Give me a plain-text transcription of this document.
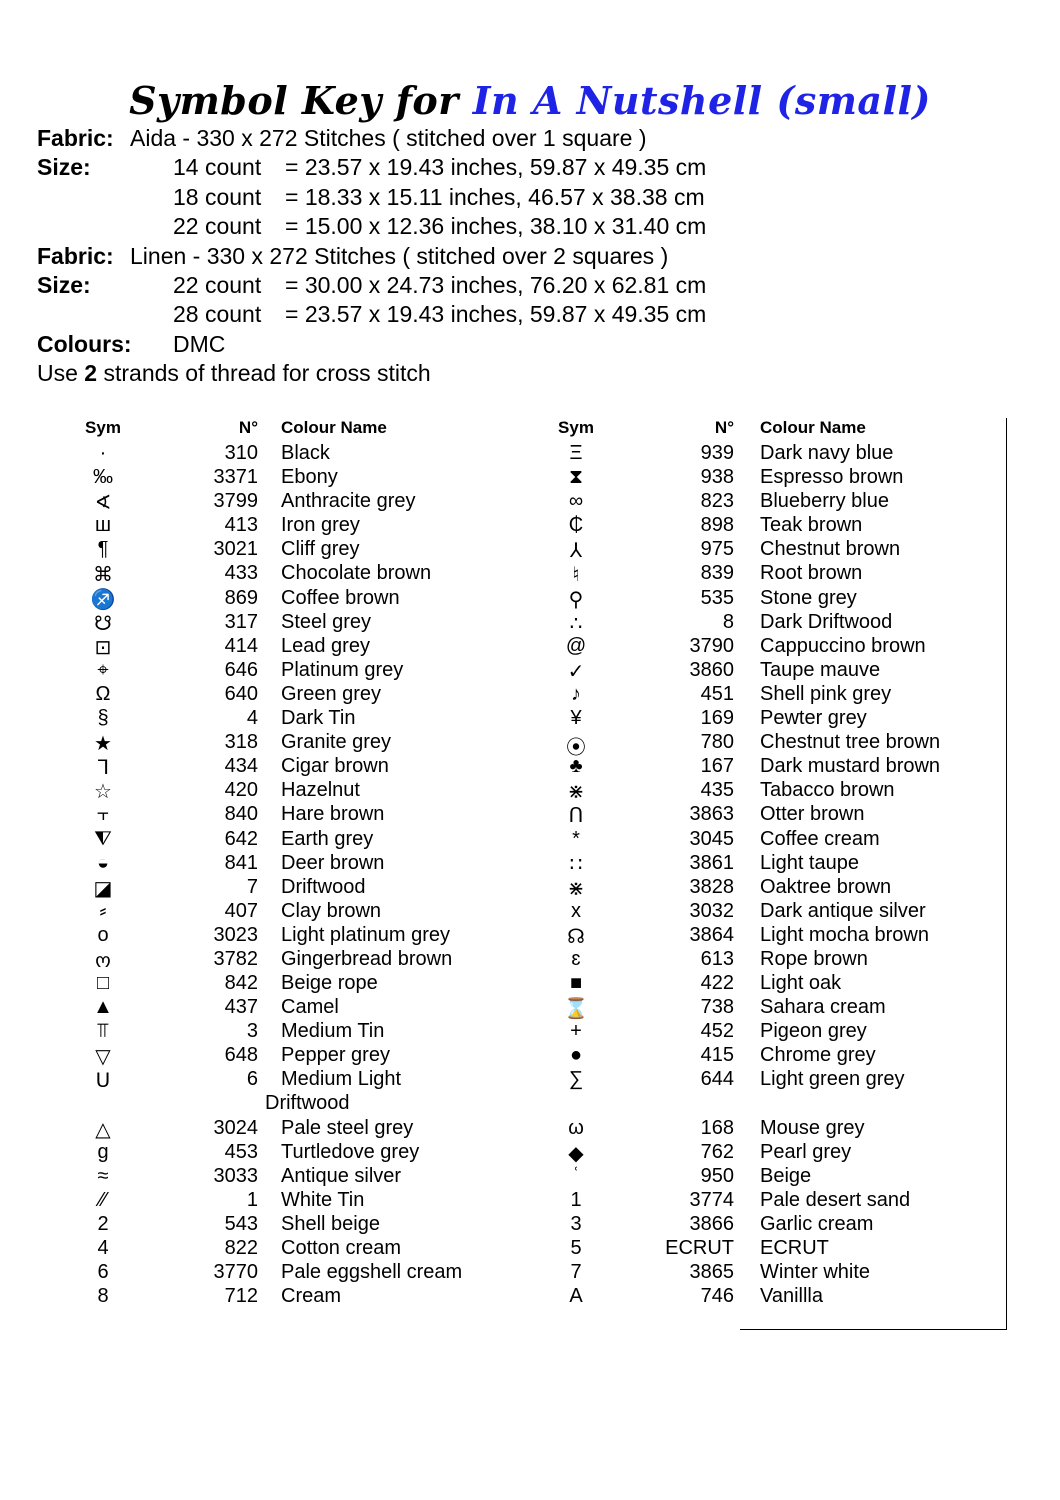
Symbol Key for In A Nutshell (small)
Fabric: Aida - 330 x 272 Stitches ( stitched over 1 square )
Size:	14 count = 23.57 x 19.43 inches, 59.87 x 49.35 cm
18 count = 18.33 x 15.11 inches, 46.57 x 38.38 cm
22 count = 15.00 x 12.36 inches, 38.10 x 31.40 cm
Fabric: Linen - 330 x 272 Stitches ( stitched over 2 squares )
Size:	22 count = 30.00 x 24.73 inches, 76.20 x 62.81 cm
28 count = 23.57 x 19.43 inches, 59.87 x 49.35 cm
Colours: DMC
Use 2 strands of thread for cross stitch
Sym	N° Colour Name
·	310 Black
‰	3371 Ebony
∢	3799 Anthracite grey
ш	413 Iron grey
¶	3021 Cliff grey
⌘	433 Chocolate brown
♐	869 Coffee brown
☋	317 Steel grey
⊡	414 Lead grey
⌖	646 Platinum grey
Ω	640 Green grey
§	4 Dark Tin
★	318 Granite grey
ᒣ	434 Cigar brown
☆	420 Hazelnut
⫟	840 Hare brown
⧨	642 Earth grey
◒	841 Deer brown
◪	7 Driftwood
⸗	407 Clay brown
o	3023 Light platinum grey
ო	3782 Gingerbread brown
□	842 Beige rope
▲	437 Camel
⫪	3 Medium Tin
▽	648 Pepper grey
ᑌ	6 Medium Light
Driftwood
△	3024 Pale steel grey
g	453 Turtledove grey
≈	3033 Antique silver
⁄⁄	1 White Tin
2	543 Shell beige
4	822 Cotton cream
6	3770 Pale eggshell cream
8	712 Cream
Sym	N° Colour Name
Ξ	939 Dark navy blue
⧗	938 Espresso brown
∞	823 Blueberry blue
₵	898 Teak brown
⅄	975 Chestnut brown
♮	839 Root brown
⚲	535 Stone grey
∴	8 Dark Driftwood
@	3790 Cappuccino brown
✓	3860 Taupe mauve
♪	451 Shell pink grey
¥	169 Pewter grey
⦿	780 Chestnut tree brown
♣	167 Dark mustard brown
⋇	435 Tabacco brown
ᑎ	3863 Otter brown
*	3045 Coffee cream
∷	3861 Light taupe
⋇	3828 Oaktree brown
x	3032 Dark antique silver
☊	3864 Light mocha brown
ɛ	613 Rope brown
■	422 Light oak
⌛	738 Sahara cream
+	452 Pigeon grey
●	415 Chrome grey
∑	644 Light green grey
ω	168 Mouse grey
◆	762 Pearl grey
ʿ	950 Beige
1	3774 Pale desert sand
3	3866 Garlic cream
5	ECRUT ECRUT
7	3865 Winter white
A	746 Vanillla
